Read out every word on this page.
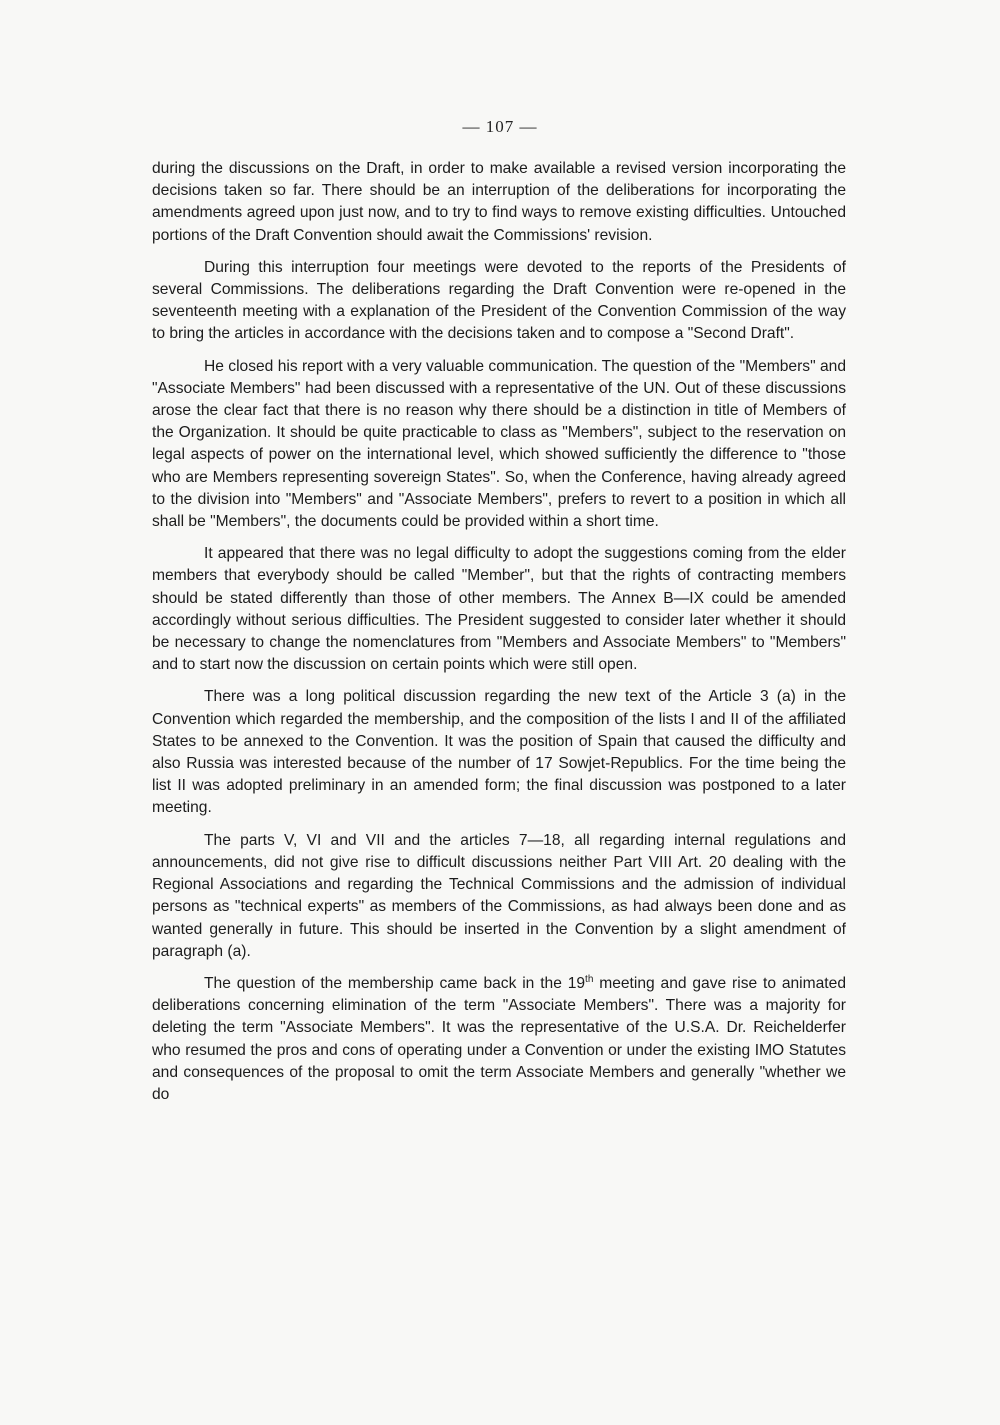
— 107 —

during the discussions on the Draft, in order to make available a revised version incorporating the decisions taken so far. There should be an interruption of the deliberations for incorporating the amendments agreed upon just now, and to try to find ways to remove existing difficulties. Untouched portions of the Draft Convention should await the Commissions' revision.

During this interruption four meetings were devoted to the reports of the Presidents of several Commissions. The deliberations regarding the Draft Convention were re-opened in the seventeenth meeting with a explanation of the President of the Convention Commission of the way to bring the articles in accordance with the decisions taken and to compose a "Second Draft".

He closed his report with a very valuable communication. The question of the "Members" and "Associate Members" had been discussed with a representative of the UN. Out of these discussions arose the clear fact that there is no reason why there should be a distinction in title of Members of the Organization. It should be quite practicable to class as "Members", subject to the reservation on legal aspects of power on the international level, which showed sufficiently the difference to "those who are Members representing sovereign States". So, when the Conference, having already agreed to the division into "Members" and "Associate Members", prefers to revert to a position in which all shall be "Members", the documents could be provided within a short time.

It appeared that there was no legal difficulty to adopt the suggestions coming from the elder members that everybody should be called "Member", but that the rights of contracting members should be stated differently than those of other members. The Annex B—IX could be amended accordingly without serious difficulties. The President suggested to consider later whether it should be necessary to change the nomenclatures from "Members and Associate Members" to "Members" and to start now the discussion on certain points which were still open.

There was a long political discussion regarding the new text of the Article 3 (a) in the Convention which regarded the membership, and the composition of the lists I and II of the affiliated States to be annexed to the Convention. It was the position of Spain that caused the difficulty and also Russia was interested because of the number of 17 Sowjet-Republics. For the time being the list II was adopted preliminary in an amended form; the final discussion was postponed to a later meeting.

The parts V, VI and VII and the articles 7—18, all regarding internal regulations and announcements, did not give rise to difficult discussions neither Part VIII Art. 20 dealing with the Regional Associations and regarding the Technical Commissions and the admission of individual persons as "technical experts" as members of the Commissions, as had always been done and as wanted generally in future. This should be inserted in the Convention by a slight amendment of paragraph (a).

The question of the membership came back in the 19th meeting and gave rise to animated deliberations concerning elimination of the term "Associate Members". There was a majority for deleting the term "Associate Members". It was the representative of the U.S.A. Dr. Reichelderfer who resumed the pros and cons of operating under a Convention or under the existing IMO Statutes and consequences of the proposal to omit the term Associate Members and generally "whether we do
